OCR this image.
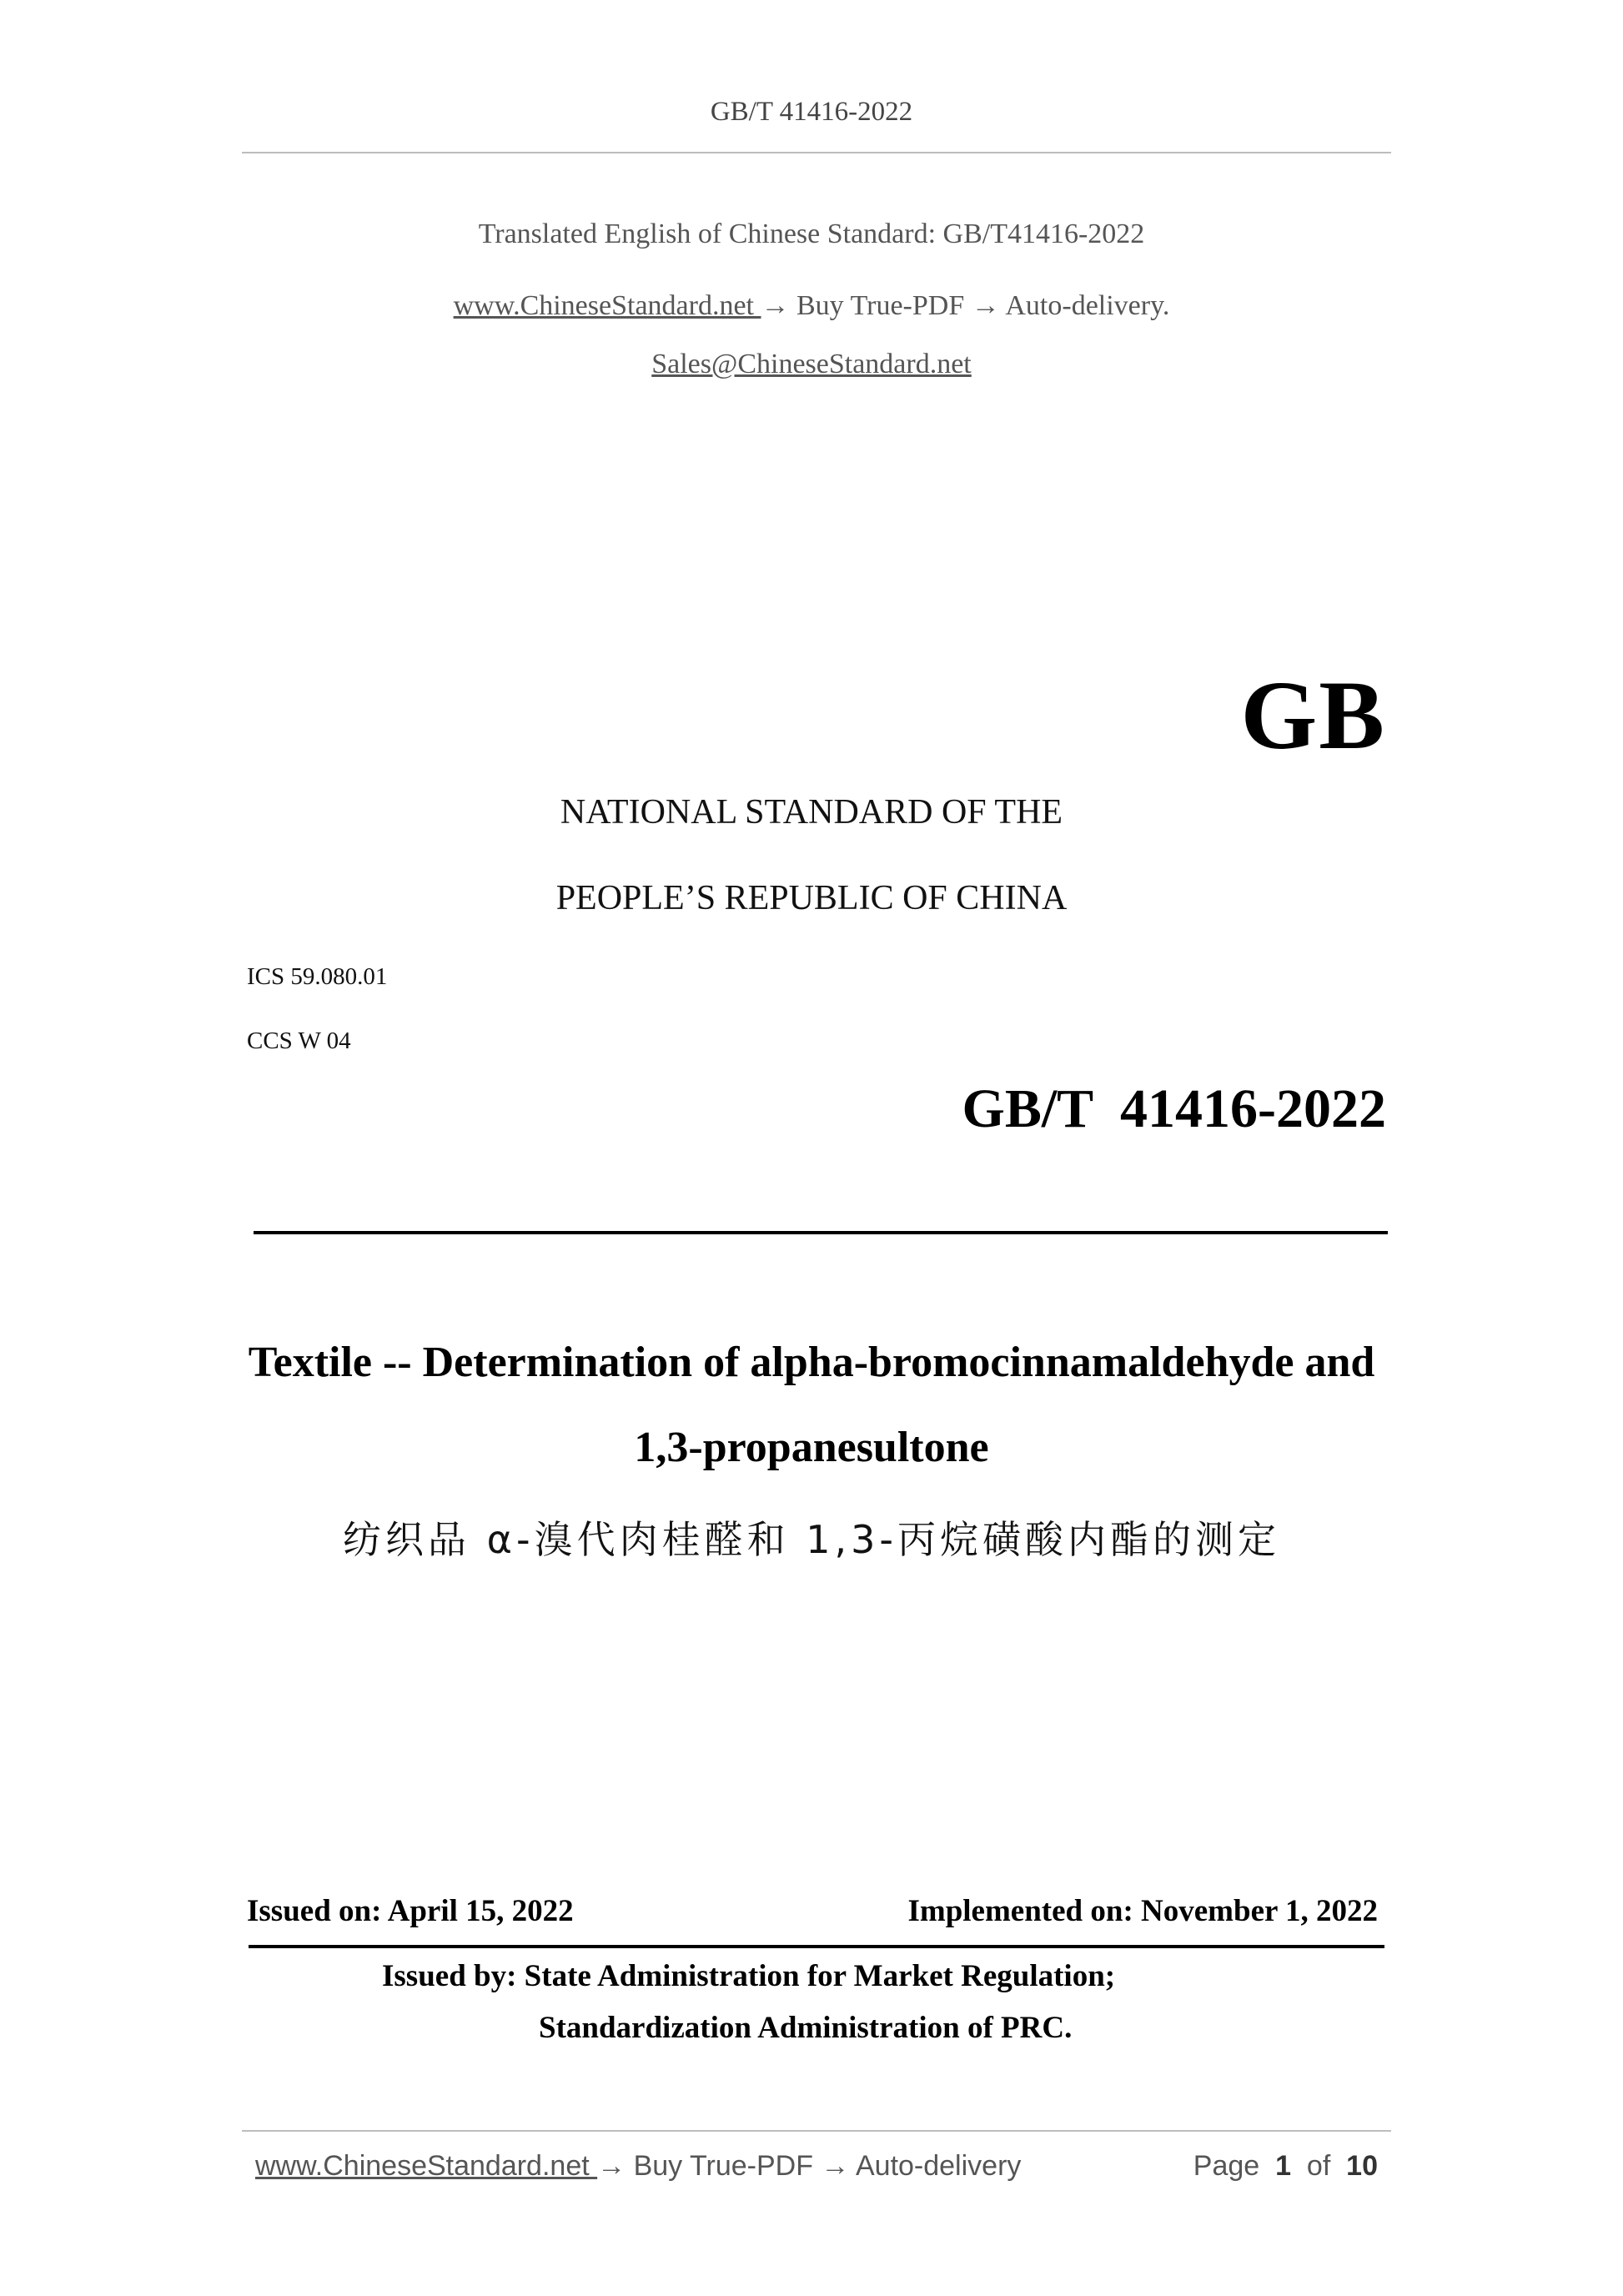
GB/T 41416-2022
Translated English of Chinese Standard: GB/T41416-2022
www.ChineseStandard.net → Buy True-PDF → Auto-delivery.
Sales@ChineseStandard.net
GB
NATIONAL STANDARD OF THE
PEOPLE’S REPUBLIC OF CHINA
ICS 59.080.01
CCS W 04
GB/T  41416-2022
Textile -- Determination of alpha-bromocinnamaldehyde and
1,3-propanesultone
纺织品 α-溴代肉桂醛和 1,3-丙烷磺酸内酯的测定
Issued on: April 15, 2022	Implemented on: November 1, 2022
Issued by: State Administration for Market Regulation;
Standardization Administration of PRC.
www.ChineseStandard.net → Buy True-PDF → Auto-delivery	Page 1 of 10
